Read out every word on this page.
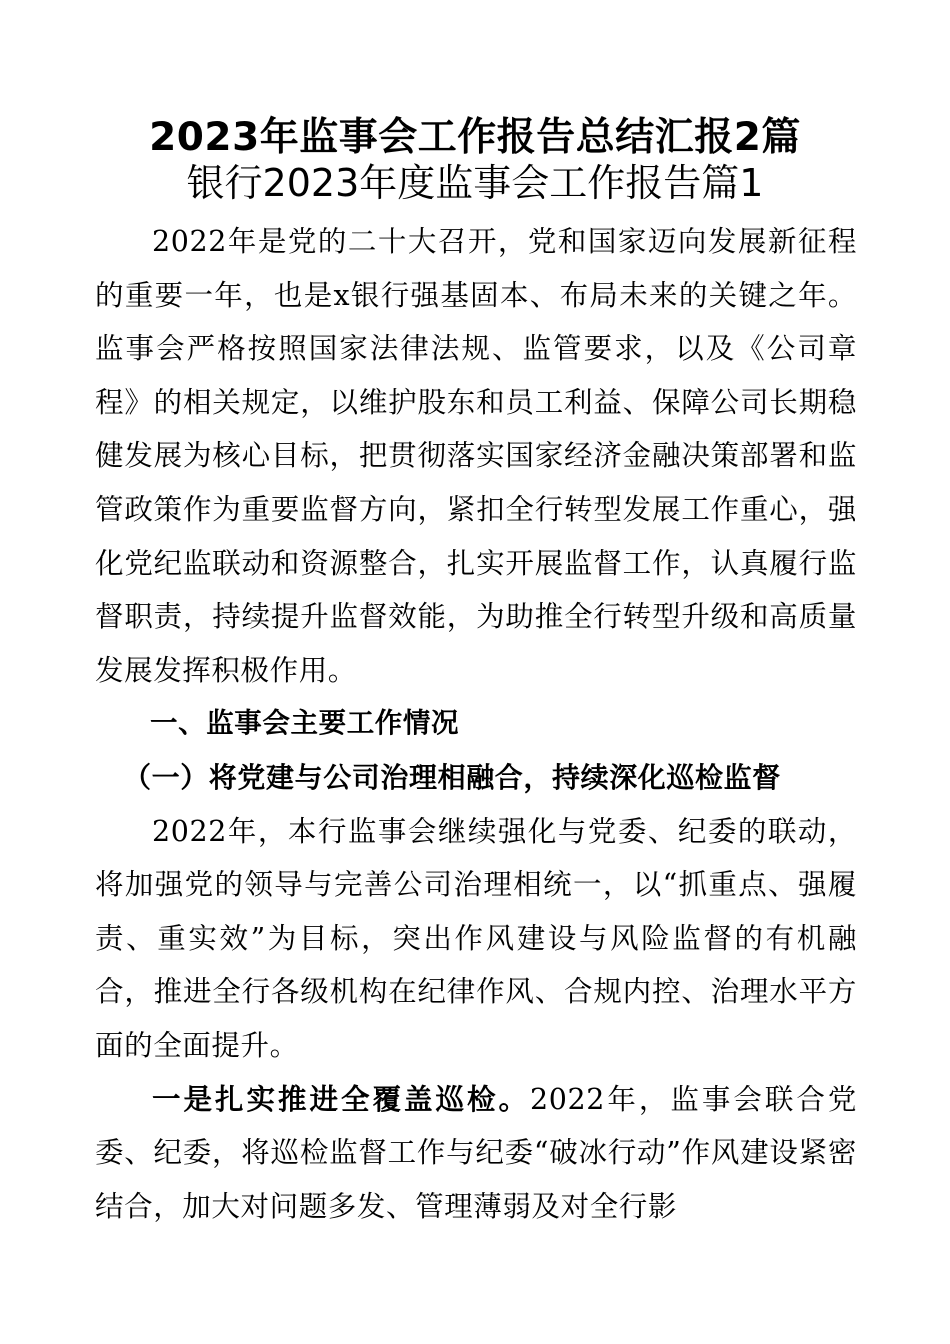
2023年监事会工作报告总结汇报2篇
银行2023年度监事会工作报告篇1

2022年是党的二十大召开，党和国家迈向发展新征程的重要一年，也是x银行强基固本、布局未来的关键之年。监事会严格按照国家法律法规、监管要求，以及《公司章程》的相关规定，以维护股东和员工利益、保障公司长期稳健发展为核心目标，把贯彻落实国家经济金融决策部署和监管政策作为重要监督方向，紧扣全行转型发展工作重心，强化党纪监联动和资源整合，扎实开展监督工作，认真履行监督职责，持续提升监督效能，为助推全行转型升级和高质量发展发挥积极作用。

一、监事会主要工作情况

（一）将党建与公司治理相融合，持续深化巡检监督

2022年，本行监事会继续强化与党委、纪委的联动，将加强党的领导与完善公司治理相统一，以“抓重点、强履责、重实效”为目标，突出作风建设与风险监督的有机融合，推进全行各级机构在纪律作风、合规内控、治理水平方面的全面提升。

一是扎实推进全覆盖巡检。2022年，监事会联合党委、纪委，将巡检监督工作与纪委“破冰行动”作风建设紧密结合，加大对问题多发、管理薄弱及对全行影
